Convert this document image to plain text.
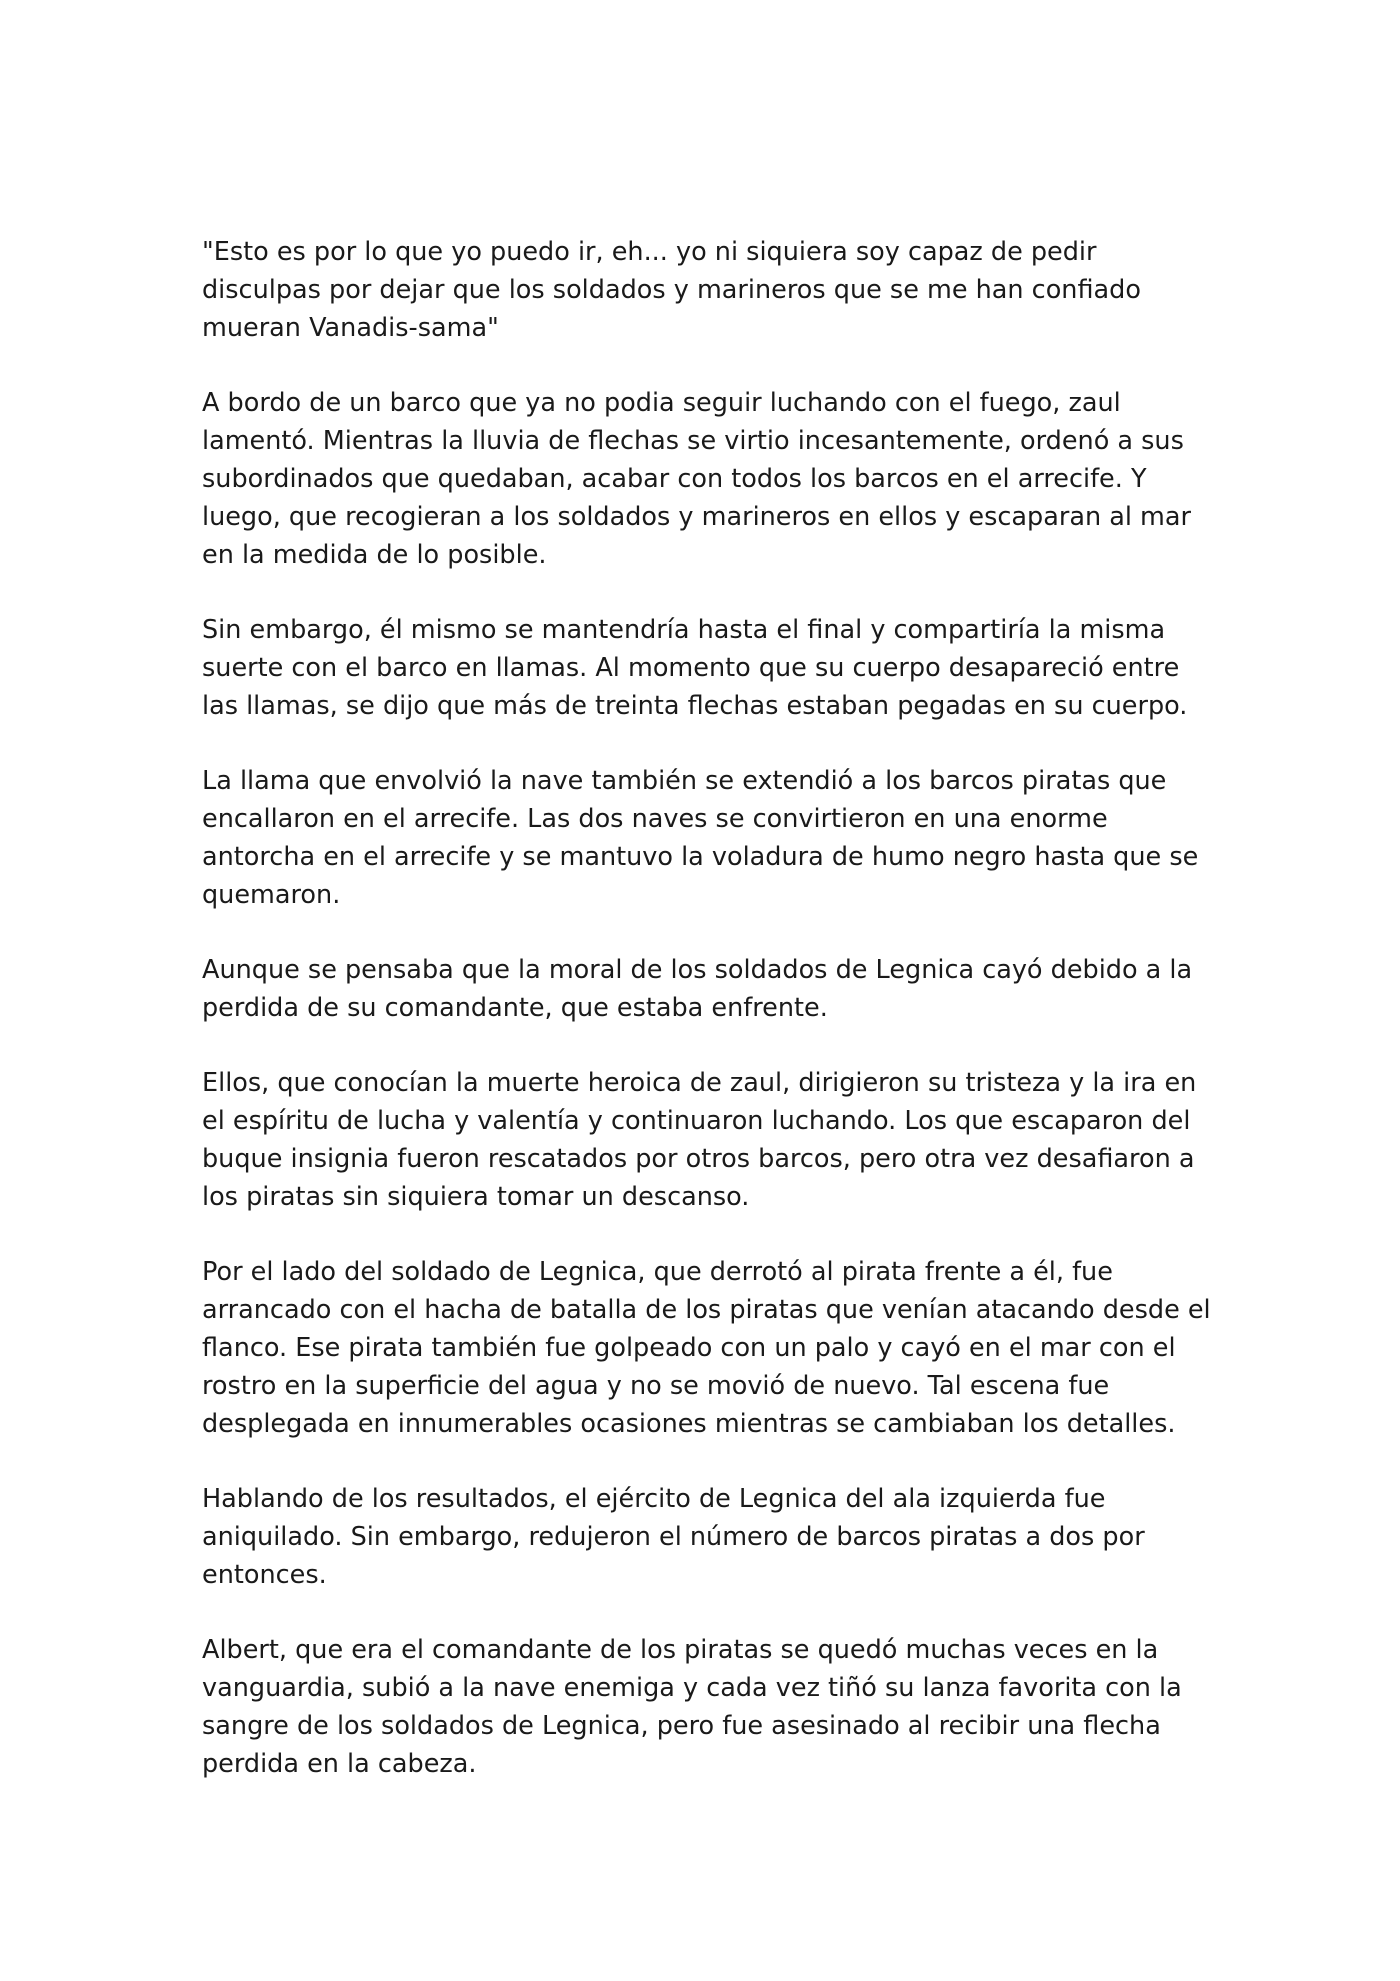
"Esto es por lo que yo puedo ir, eh... yo ni siquiera soy capaz de pedir disculpas por dejar que los soldados y marineros que se me han confiado mueran Vanadis-sama"

A bordo de un barco que ya no podia seguir luchando con el fuego, zaul lamentó. Mientras la lluvia de flechas se virtio incesantemente, ordenó a sus subordinados que quedaban, acabar con todos los barcos en el arrecife. Y luego, que recogieran a los soldados y marineros en ellos y escaparan al mar en la medida de lo posible.

Sin embargo, él mismo se mantendría hasta el final y compartiría la misma suerte con el barco en llamas. Al momento que su cuerpo desapareció entre las llamas, se dijo que más de treinta flechas estaban pegadas en su cuerpo.

La llama que envolvió la nave también se extendió a los barcos piratas que encallaron en el arrecife. Las dos naves se convirtieron en una enorme antorcha en el arrecife y se mantuvo la voladura de humo negro hasta que se quemaron.

Aunque se pensaba que la moral de los soldados de Legnica cayó debido a la perdida de su comandante, que estaba enfrente.

Ellos, que conocían la muerte heroica de zaul, dirigieron su tristeza y la ira en el espíritu de lucha y valentía y continuaron luchando. Los que escaparon del buque insignia fueron rescatados por otros barcos, pero otra vez desafiaron a los piratas sin siquiera tomar un descanso.

Por el lado del soldado de Legnica, que derrotó al pirata frente a él, fue arrancado con el hacha de batalla de los piratas que venían atacando desde el flanco. Ese pirata también fue golpeado con un palo y cayó en el mar con el rostro en la superficie del agua y no se movió de nuevo. Tal escena fue desplegada en innumerables ocasiones mientras se cambiaban los detalles.

Hablando de los resultados, el ejército de Legnica del ala izquierda fue aniquilado. Sin embargo, redujeron el número de barcos piratas a dos por entonces.

Albert, que era el comandante de los piratas se quedó muchas veces en la vanguardia, subió a la nave enemiga y cada vez tiñó su lanza favorita con la sangre de los soldados de Legnica, pero fue asesinado al recibir una flecha perdida en la cabeza.
